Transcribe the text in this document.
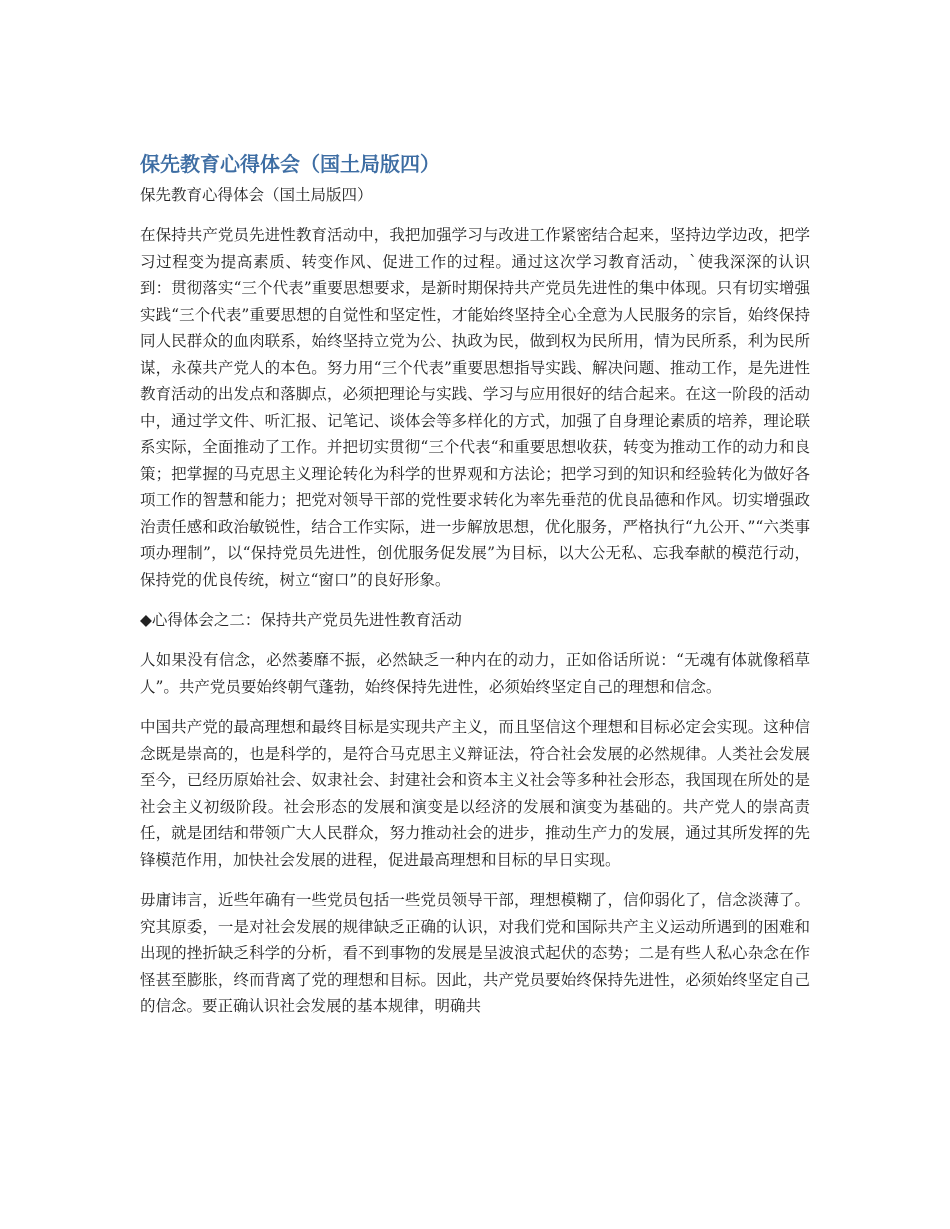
保先教育心得体会（国土局版四）
保先教育心得体会（国土局版四）

在保持共产党员先进性教育活动中，我把加强学习与改进工作紧密结合起来，坚持边学边改，把学习过程变为提高素质、转变作风、促进工作的过程。通过这次学习教育活动，`使我深深的认识到：贯彻落实“三个代表”重要思想要求，是新时期保持共产党员先进性的集中体现。只有切实增强实践“三个代表”重要思想的自觉性和坚定性，才能始终坚持全心全意为人民服务的宗旨，始终保持同人民群众的血肉联系，始终坚持立党为公、执政为民，做到权为民所用，情为民所系，利为民所谋，永葆共产党人的本色。努力用“三个代表”重要思想指导实践、解决问题、推动工作，是先进性教育活动的出发点和落脚点，必须把理论与实践、学习与应用很好的结合起来。在这一阶段的活动中，通过学文件、听汇报、记笔记、谈体会等多样化的方式，加强了自身理论素质的培养，理论联系实际，全面推动了工作。并把切实贯彻“三个代表“和重要思想收获，转变为推动工作的动力和良策；把掌握的马克思主义理论转化为科学的世界观和方法论；把学习到的知识和经验转化为做好各项工作的智慧和能力；把党对领导干部的党性要求转化为率先垂范的优良品德和作风。切实增强政治责任感和政治敏锐性，结合工作实际，进一步解放思想，优化服务，严格执行“九公开、”“六类事项办理制”，以“保持党员先进性，创优服务促发展”为目标，以大公无私、忘我奉献的模范行动，保持党的优良传统，树立“窗口”的良好形象。

◆心得体会之二：保持共产党员先进性教育活动

人如果没有信念，必然萎靡不振，必然缺乏一种内在的动力，正如俗话所说：“无魂有体就像稻草人”。共产党员要始终朝气蓬勃，始终保持先进性，必须始终坚定自己的理想和信念。

中国共产党的最高理想和最终目标是实现共产主义，而且坚信这个理想和目标必定会实现。这种信念既是崇高的，也是科学的，是符合马克思主义辩证法，符合社会发展的必然规律。人类社会发展至今，已经历原始社会、奴隶社会、封建社会和资本主义社会等多种社会形态，我国现在所处的是社会主义初级阶段。社会形态的发展和演变是以经济的发展和演变为基础的。共产党人的崇高责任，就是团结和带领广大人民群众，努力推动社会的进步，推动生产力的发展，通过其所发挥的先锋模范作用，加快社会发展的进程，促进最高理想和目标的早日实现。

毋庸讳言，近些年确有一些党员包括一些党员领导干部，理想模糊了，信仰弱化了，信念淡薄了。究其原委，一是对社会发展的规律缺乏正确的认识，对我们党和国际共产主义运动所遇到的困难和出现的挫折缺乏科学的分析，看不到事物的发展是呈波浪式起伏的态势；二是有些人私心杂念在作怪甚至膨胀，终而背离了党的理想和目标。因此，共产党员要始终保持先进性，必须始终坚定自己的信念。要正确认识社会发展的基本规律，明确共
